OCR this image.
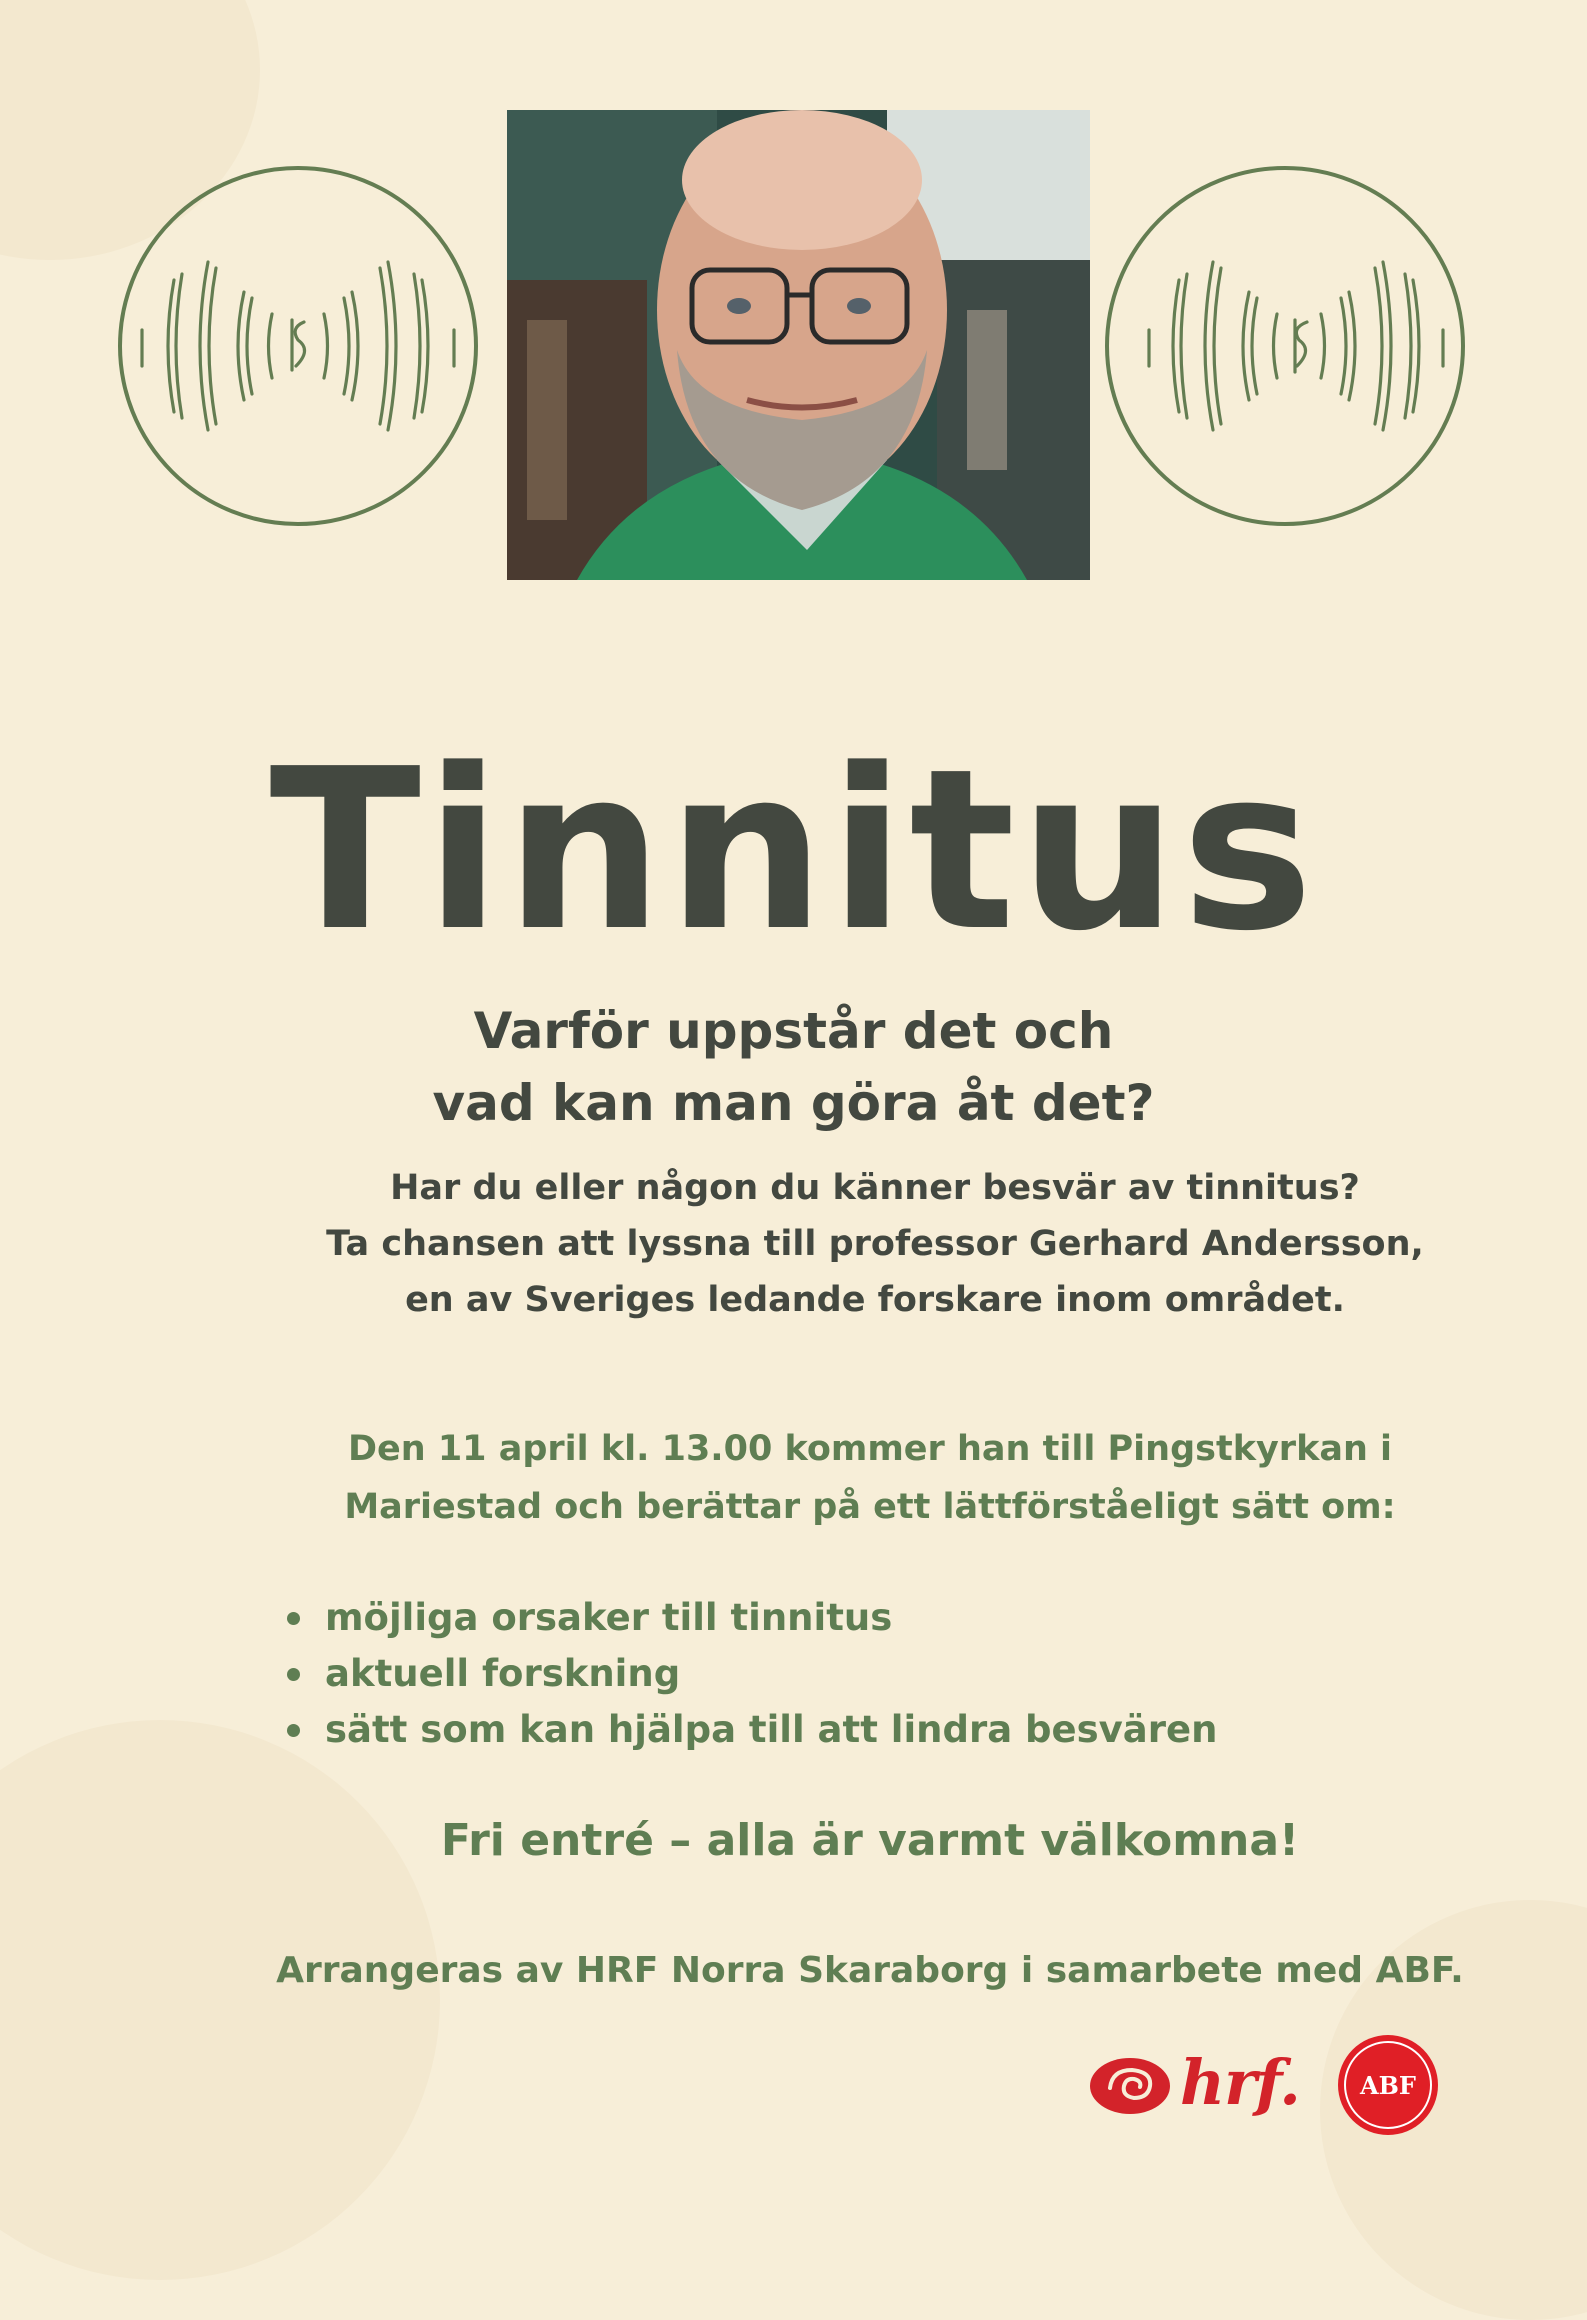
Tinnitus
Varför uppstår det och
vad kan man göra åt det?
Har du eller någon du känner besvär av tinnitus?
Ta chansen att lyssna till professor Gerhard Andersson,
en av Sveriges ledande forskare inom området.
Den 11 april kl. 13.00 kommer han till Pingstkyrkan i
Mariestad och berättar på ett lättförståeligt sätt om:
möjliga orsaker till tinnitus
aktuell forskning
sätt som kan hjälpa till att lindra besvären
Fri entré – alla är varmt välkomna!
Arrangeras av HRF Norra Skaraborg i samarbete med ABF.
hrf.	ABF
